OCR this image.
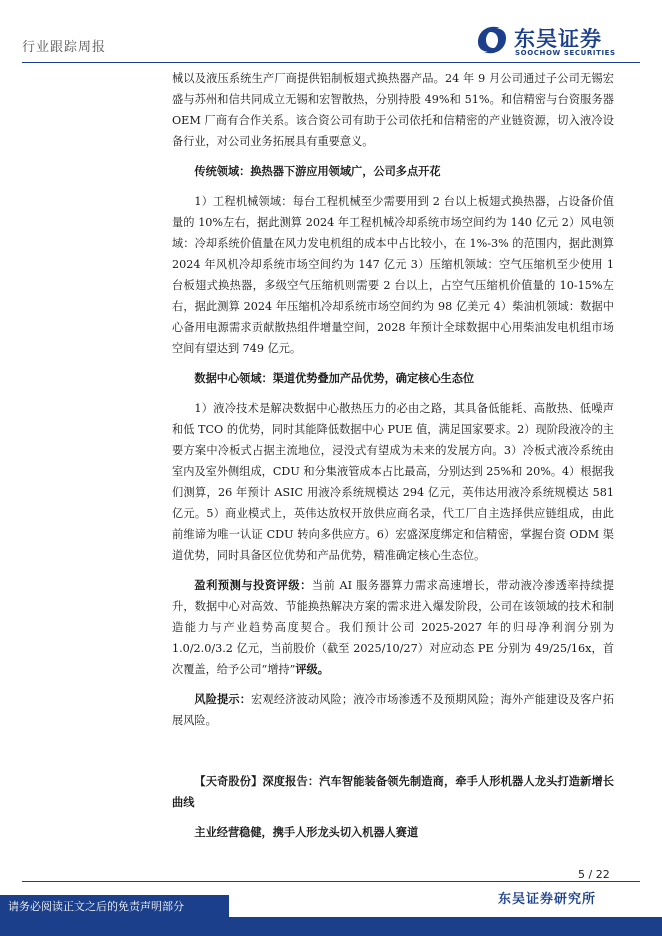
行业跟踪周报	东吴证券
SOOCHOW SECURITIES

械以及液压系统生产厂商提供铝制板翅式换热器产品。24 年 9 月公司通过子公司无锡宏盛与苏州和信共同成立无锡和宏智散热，分别持股 49%和 51%。和信精密与台资服务器 OEM 厂商有合作关系。该合资公司有助于公司依托和信精密的产业链资源，切入液冷设备行业，对公司业务拓展具有重要意义。

传统领域：换热器下游应用领域广，公司多点开花

1）工程机械领域：每台工程机械至少需要用到 2 台以上板翅式换热器，占设备价值量的 10%左右，据此测算 2024 年工程机械冷却系统市场空间约为 140 亿元 2）风电领域：冷却系统价值量在风力发电机组的成本中占比较小，在 1%-3% 的范围内，据此测算 2024 年风机冷却系统市场空间约为 147 亿元 3）压缩机领域：空气压缩机至少使用 1 台板翅式换热器，多级空气压缩机则需要 2 台以上，占空气压缩机价值量的 10-15%左右，据此测算 2024 年压缩机冷却系统市场空间约为 98 亿美元 4）柴油机领域：数据中心备用电源需求贡献散热组件增量空间，2028 年预计全球数据中心用柴油发电机组市场空间有望达到 749 亿元。

数据中心领域：渠道优势叠加产品优势，确定核心生态位

1）液冷技术是解决数据中心散热压力的必由之路，其具备低能耗、高散热、低噪声和低 TCO 的优势，同时其能降低数据中心 PUE 值，满足国家要求。2）现阶段液冷的主要方案中冷板式占据主流地位，浸没式有望成为未来的发展方向。3）冷板式液冷系统由室内及室外侧组成，CDU 和分集液管成本占比最高，分别达到 25%和 20%。4）根据我们测算，26 年预计 ASIC 用液冷系统规模达 294 亿元，英伟达用液冷系统规模达 581 亿元。5）商业模式上，英伟达放权开放供应商名录，代工厂自主选择供应链组成，由此前维谛为唯一认证 CDU 转向多供应方。6）宏盛深度绑定和信精密，掌握台资 ODM 渠道优势，同时具备区位优势和产品优势，精准确定核心生态位。

盈利预测与投资评级：当前 AI 服务器算力需求高速增长，带动液冷渗透率持续提升，数据中心对高效、节能换热解决方案的需求进入爆发阶段，公司在该领域的技术和制造能力与产业趋势高度契合。我们预计公司 2025-2027 年的归母净利润分别为 1.0/2.0/3.2 亿元，当前股价（截至 2025/10/27）对应动态 PE 分别为 49/25/16x，首次覆盖，给予公司“增持”评级。

风险提示：宏观经济波动风险；液冷市场渗透不及预期风险；海外产能建设及客户拓展风险。

【天奇股份】深度报告：汽车智能装备领先制造商，牵手人形机器人龙头打造新增长曲线

主业经营稳健，携手人形龙头切入机器人赛道

5 / 22
东吴证券研究所
请务必阅读正文之后的免责声明部分
